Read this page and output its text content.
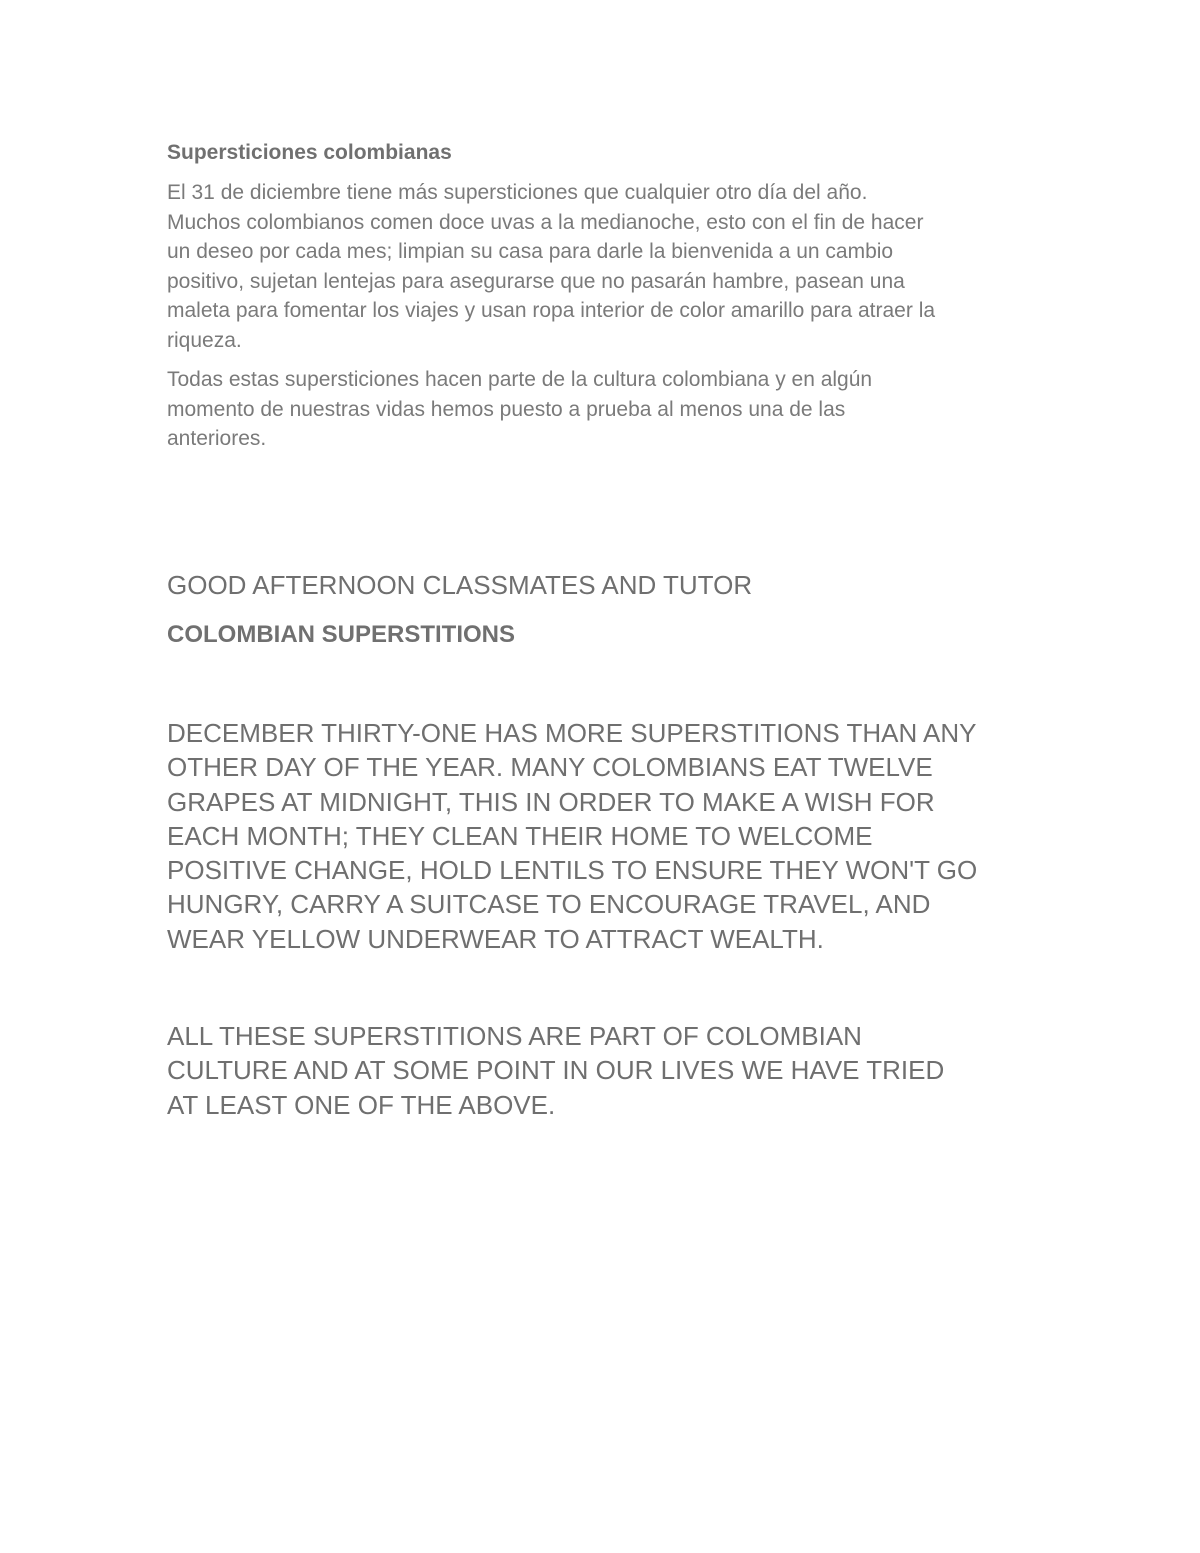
Supersticiones colombianas

El 31 de diciembre tiene más supersticiones que cualquier otro día del año.
Muchos colombianos comen doce uvas a la medianoche, esto con el fin de hacer
un deseo por cada mes; limpian su casa para darle la bienvenida a un cambio
positivo, sujetan lentejas para asegurarse que no pasarán hambre, pasean una
maleta para fomentar los viajes y usan ropa interior de color amarillo para atraer la
riqueza.

Todas estas supersticiones hacen parte de la cultura colombiana y en algún
momento de nuestras vidas hemos puesto a prueba al menos una de las
anteriores.

GOOD AFTERNOON CLASSMATES AND TUTOR

COLOMBIAN SUPERSTITIONS

DECEMBER THIRTY-ONE HAS MORE SUPERSTITIONS THAN ANY
OTHER DAY OF THE YEAR. MANY COLOMBIANS EAT TWELVE
GRAPES AT MIDNIGHT, THIS IN ORDER TO MAKE A WISH FOR
EACH MONTH; THEY CLEAN THEIR HOME TO WELCOME
POSITIVE CHANGE, HOLD LENTILS TO ENSURE THEY WON'T GO
HUNGRY, CARRY A SUITCASE TO ENCOURAGE TRAVEL, AND
WEAR YELLOW UNDERWEAR TO ATTRACT WEALTH.

ALL THESE SUPERSTITIONS ARE PART OF COLOMBIAN
CULTURE AND AT SOME POINT IN OUR LIVES WE HAVE TRIED
AT LEAST ONE OF THE ABOVE.
